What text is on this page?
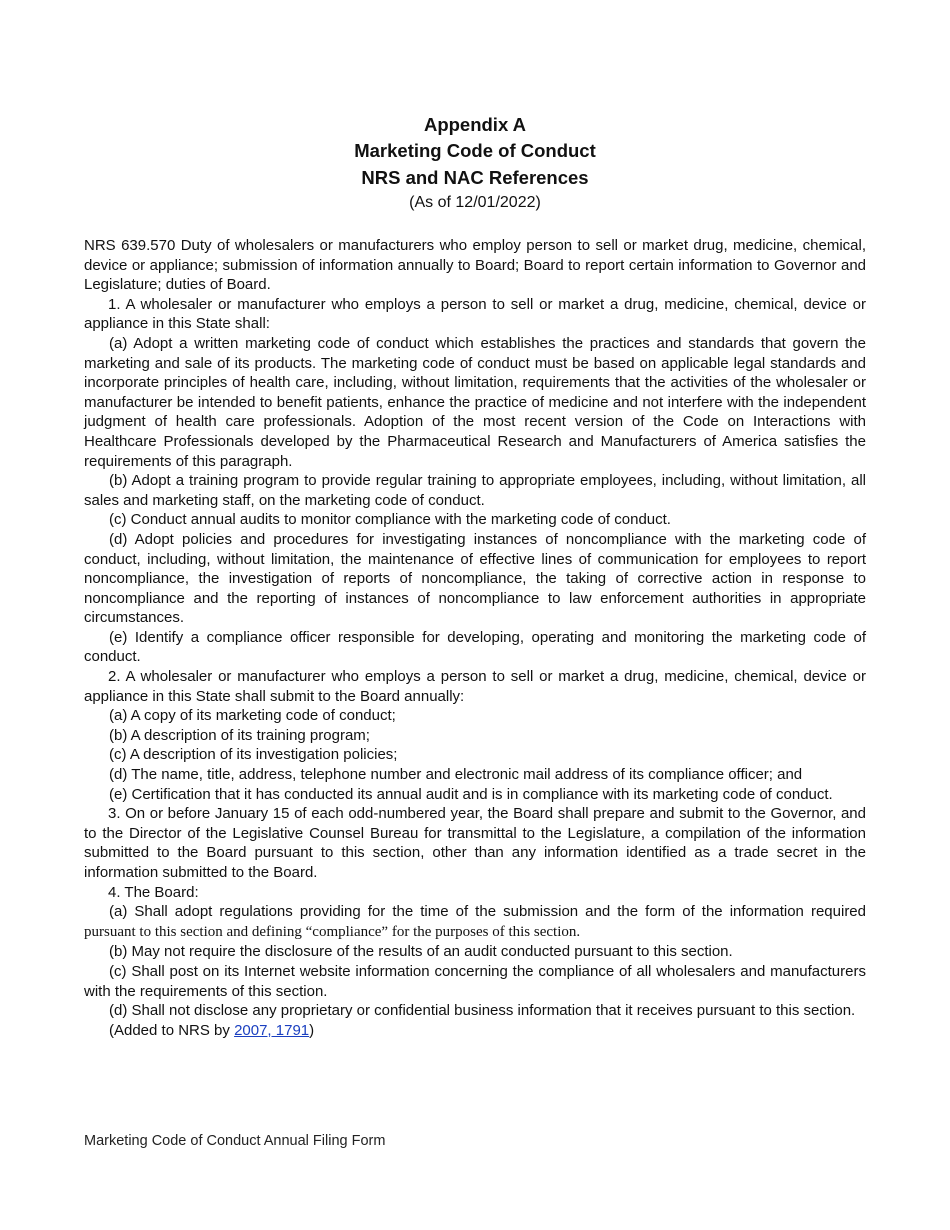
Appendix A
Marketing Code of Conduct
NRS and NAC References
(As of 12/01/2022)

NRS 639.570 Duty of wholesalers or manufacturers who employ person to sell or market drug, medicine, chemical, device or appliance; submission of information annually to Board; Board to report certain information to Governor and Legislature; duties of Board.

1. A wholesaler or manufacturer who employs a person to sell or market a drug, medicine, chemical, device or appliance in this State shall:

(a) Adopt a written marketing code of conduct which establishes the practices and standards that govern the marketing and sale of its products. The marketing code of conduct must be based on applicable legal standards and incorporate principles of health care, including, without limitation, requirements that the activities of the wholesaler or manufacturer be intended to benefit patients, enhance the practice of medicine and not interfere with the independent judgment of health care professionals. Adoption of the most recent version of the Code on Interactions with Healthcare Professionals developed by the Pharmaceutical Research and Manufacturers of America satisfies the requirements of this paragraph.

(b) Adopt a training program to provide regular training to appropriate employees, including, without limitation, all sales and marketing staff, on the marketing code of conduct.

(c) Conduct annual audits to monitor compliance with the marketing code of conduct.

(d) Adopt policies and procedures for investigating instances of noncompliance with the marketing code of conduct, including, without limitation, the maintenance of effective lines of communication for employees to report noncompliance, the investigation of reports of noncompliance, the taking of corrective action in response to noncompliance and the reporting of instances of noncompliance to law enforcement authorities in appropriate circumstances.

(e) Identify a compliance officer responsible for developing, operating and monitoring the marketing code of conduct.

2. A wholesaler or manufacturer who employs a person to sell or market a drug, medicine, chemical, device or appliance in this State shall submit to the Board annually:

(a) A copy of its marketing code of conduct;

(b) A description of its training program;

(c) A description of its investigation policies;

(d) The name, title, address, telephone number and electronic mail address of its compliance officer; and

(e) Certification that it has conducted its annual audit and is in compliance with its marketing code of conduct.

3. On or before January 15 of each odd-numbered year, the Board shall prepare and submit to the Governor, and to the Director of the Legislative Counsel Bureau for transmittal to the Legislature, a compilation of the information submitted to the Board pursuant to this section, other than any information identified as a trade secret in the information submitted to the Board.

4. The Board:

(a) Shall adopt regulations providing for the time of the submission and the form of the information required pursuant to this section and defining “compliance” for the purposes of this section.

(b) May not require the disclosure of the results of an audit conducted pursuant to this section.

(c) Shall post on its Internet website information concerning the compliance of all wholesalers and manufacturers with the requirements of this section.

(d) Shall not disclose any proprietary or confidential business information that it receives pursuant to this section.

(Added to NRS by 2007, 1791)

Marketing Code of Conduct Annual Filing Form
